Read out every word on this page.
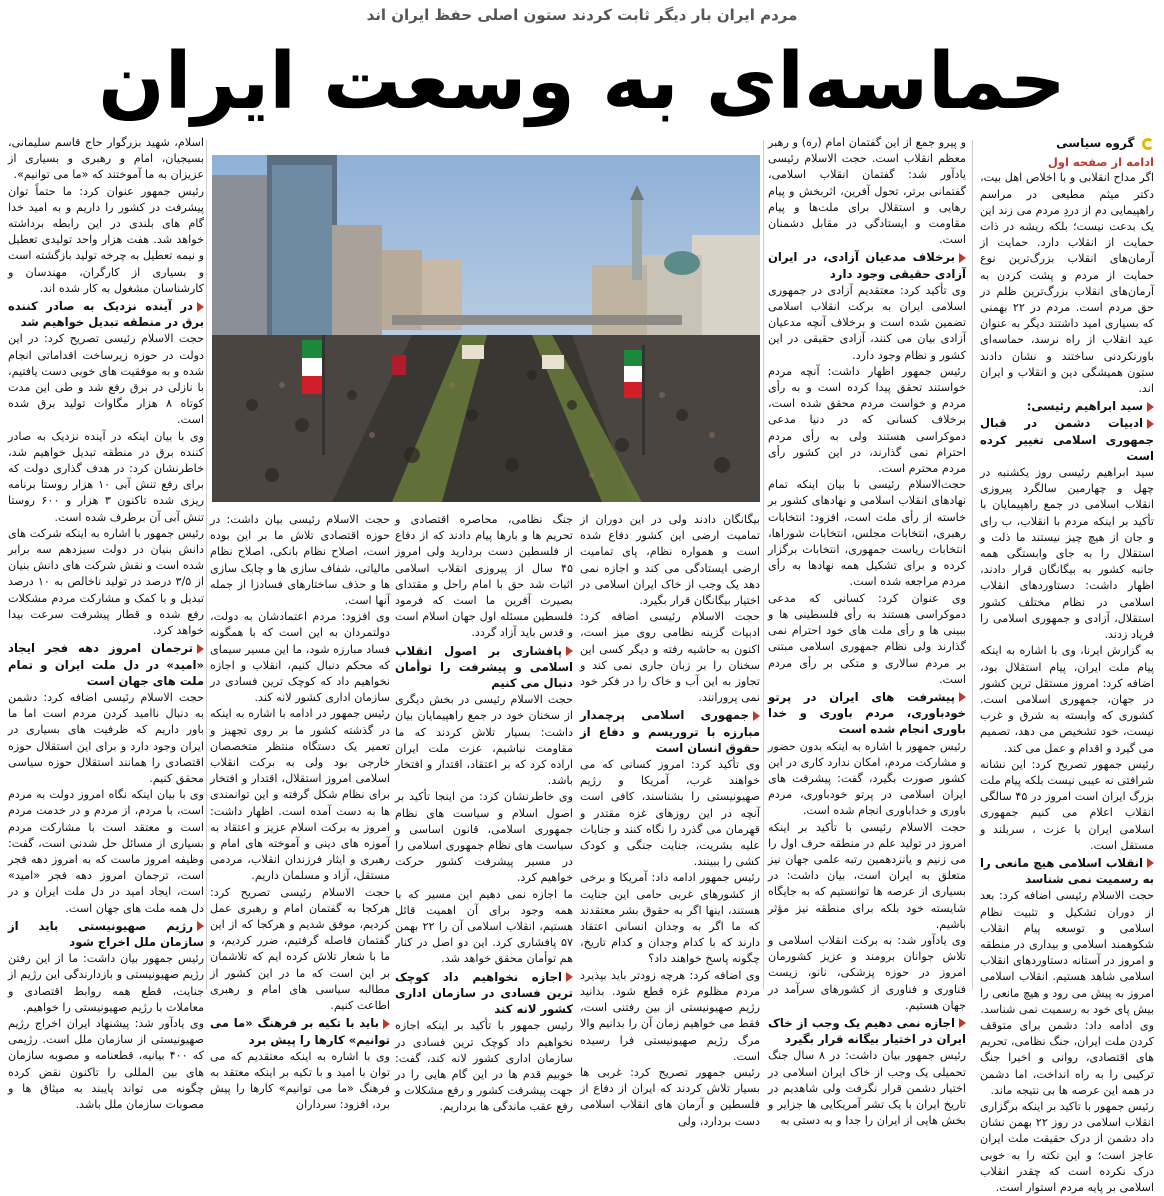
مردم ایران بار دیگر ثابت کردند ستون اصلی حفظ ایران اند
حماسه‌ای به وسعت ایران
گروه سیاسی
ادامه از صفحه اول

اگر مداح انقلابی و با اخلاص اهل بیت، دکتر میثم مطیعی در مراسم راهپیمایی دم از دردِ مردم می زند این یک بدعت نیست؛ بلکه ریشه در ذات حمایت از انقلاب دارد. حمایت از آرمان‌های انقلاب بزرگ‌ترین نوع حمایت از مردم و پشت کردن به آرمان‌های انقلاب بزرگ‌ترین ظلم در حق مردم است. مردم در ۲۲ بهمنی که بسیاری امید داشتند دیگر به عنوان عید انقلاب از راه نرسد، حماسه‌ای باورنکردنی ساختند و نشان دادند ستون همیشگی دین و انقلاب و ایران اند.

سید ابراهیم رئیسی:

ادبیات دشمن در قبال جمهوری اسلامی تغییر کرده است

سید ابراهیم رئیسی روز یکشنبه در چهل و چهارمین سالگرد پیروزی انقلاب اسلامی در جمع راهپیمایان با تأکید بر اینکه مردم با انقلاب، ب رای و جان از هیچ چیز نیستند ما ذلت و استقلال را به جای وابستگی همه جانبه کشور به بیگانگان قرار دادند، اظهار داشت: دستاوردهای انقلاب اسلامی در نظام مختلف کشور استقلال، آزادی و جمهوری اسلامی را فریاد زدند.

به گزارش ایرنا، وی با اشاره به اینکه پیام ملت ایران، پیام استقلال بود، اضافه کرد: امروز مستقل ترین کشور در جهان، جمهوری اسلامی است. کشوری که وابسته به شرق و غرب نیست، خود تشخیص می دهد، تصمیم می گیرد و اقدام و عمل می کند.

رئیس جمهور تصریح کرد: این نشانه شرافتی نه عیبی نیست بلکه پیام ملت بزرگ ایران است امروز در ۴۵ سالگی انقلاب اعلام می کنیم جمهوری اسلامی ایران با عزت ، سربلند و مستقل است.

انقلاب اسلامی هیچ مانعی را به رسمیت نمی شناسد

حجت الاسلام رئیسی اضافه کرد: بعد از دوران تشکیل و تثبیت نظام اسلامی و توسعه پیام انقلاب شکوهمند اسلامی و بیداری در منطقه و امروز در آستانه دستاوردهای انقلاب اسلامی شاهد هستیم. انقلاب اسلامی امروز به پیش می رود و هیچ مانعی را بیش پای خود به رسمیت نمی شناسد.

وی ادامه داد: دشمن برای متوقف کردن ملت ایران، جنگ نظامی، تحریم های اقتصادی، روانی و اخیرا جنگ ترکیبی را به راه انداخت، اما دشمن در همه این عرصه ها بی نتیجه ماند.

رئیس جمهور با تاکید بر اینکه برگزاری انقلاب اسلامی در روز ۲۲ بهمن نشان داد دشمن از درک حقیقت ملت ایران عاجز است؛ و این نکته را به خوبی درک نکرده است که چقدر انقلاب اسلامی بر پایه مردم استوار است.

و پیرو جمع از این گفتمان امام (ره) و رهبر معظم انقلاب است. حجت الاسلام رئیسی یادآور شد: گفتمان انقلاب اسلامی، گفتمانی برتر، تحول آفرین، اثربخش و پیام رهایی و استقلال برای ملت‌ها و پیام مقاومت و ایستادگی در مقابل دشمنان است.

برخلاف مدعیان آزادی، در ایران آزادی حقیقی وجود دارد

وی تأکید کرد: معتقدیم آزادی در جمهوری اسلامی ایران به برکت انقلاب اسلامی تضمین شده است و برخلاف آنچه مدعیان آزادی بیان می کنند، آزادی حقیقی در این کشور و نظام وجود دارد.

رئیس جمهور اظهار داشت: آنچه مردم خواستند تحقق پیدا کرده است و به رأی مردم و خواست مردم محقق شده است، برخلاف کسانی که در دنیا مدعی دموکراسی هستند ولی به رأی مردم احترام نمی گذارند، در این کشور رأی مردم محترم است.

حجت‌الاسلام رئیسی با بیان اینکه تمام نهادهای انقلاب اسلامی و نهادهای کشور بر خاسته از رأی ملت است، افزود: انتخابات رهبری، انتخابات مجلس، انتخابات شوراها، انتخابات ریاست جمهوری، انتخابات برگزار کرده و برای تشکیل همه نهادها به رأی مردم مراجعه شده است.

وی عنوان کرد: کسانی که مدعی دموکراسی هستند به رأی فلسطینی ها و ببینی ها و رأی ملت های خود احترام نمی گذارند ولی نظام جمهوری اسلامی مبتنی بر مردم سالاری و متکی بر رأی مردم است.

پیشرفت های ایران در پرتو خودباوری، مردم باوری و خدا باوری انجام شده است

رئیس جمهور با اشاره به اینکه بدون حضور و مشارکت مردم، امکان ندارد کاری در این کشور صورت بگیرد، گفت: پیشرفت های ایران اسلامی در پرتو خودباوری، مردم باوری و خداباوری انجام شده است.

حجت الاسلام رئیسی با تأکید بر اینکه امروز در تولید علم در منطقه حرف اول را می زنیم و یانزدهمین رتبه علمی جهان نیز متعلق به ایران است، بیان داشت: در بسیاری از عرصه ها توانستیم که به جایگاه شایسته خود بلکه برای منطقه نیز مؤثر باشیم.

وی یادآور شد: به برکت انقلاب اسلامی و تلاش جوانان برومند و عزیز کشورمان امروز در حوزه پزشکی، نانو، زیست فناوری و فناوری از کشورهای سرآمد در جهان هستیم.

اجازه نمی دهیم یک وجب از خاک ایران در اختیار بیگانه قرار بگیرد

رئیس جمهور بیان داشت: در ۸ سال جنگ تحمیلی یک وجب از خاک ایران اسلامی در اختیار دشمن قرار نگرفت ولی شاهدیم در تاریخ ایران با یک تشر آمریکایی ها جزایر و بخش هایی از ایران را جدا و به دستی به

اسلام، شهید بزرگوار حاج قاسم سلیمانی، بسیجیان، امام و رهبری و بسیاری از عزیزان به ما آموختند که «ما می توانیم».

رئیس جمهور عنوان کرد: ما حتماً توان پیشرفت در کشور را داریم و به امید خدا گام های بلندی در این رابطه برداشته خواهد شد. هفت هزار واحد تولیدی تعطیل و نیمه تعطیل به چرخه تولید بازگشته است و بسیاری از کارگران، مهندسان و کارشناسان مشغول به کار شده اند.

در آینده نزدیک به صادر کننده برق در منطقه تبدیل خواهیم شد

حجت الاسلام رئیسی تصریح کرد: در این دولت در حوزه زیرساخت اقداماتی انجام شده و به موفقیت های خوبی دست یافتیم، با نازلی در برق رفع شد و طی این مدت کوتاه ۸ هزار مگاوات تولید برق شده است.

وی با بیان اینکه در آینده نزدیک به صادر کننده برق در منطقه تبدیل خواهیم شد، خاطرنشان کرد: در هدف گذاری دولت که برای رفع تنش آبی ۱۰ هزار روستا برنامه ریزی شده تاکنون ۳ هزار و ۶۰۰ روستا تنش آبی آن برطرف شده است.

رئیس جمهور با اشاره به اینکه شرکت های دانش بنیان در دولت سیزدهم سه برابر شده است و نقش شرکت های دانش بنیان از ۳/۵ درصد در تولید ناخالص به ۱۰ درصد تبدیل و با کمک و مشارکت مردم مشکلات رفع شده و قطار پیشرفت سرعت بیدا خواهد کرد.

ترجمان امروز دهه فجر ایجاد «امید» در دل ملت ایران و تمام ملت های جهان است

حجت الاسلام رئیسی اضافه کرد: دشمن به دنبال ناامید کردن مردم است اما ما باور داریم که ظرفیت های بسیاری در ایران وجود دارد و برای این استقلال حوزه اقتصادی را همانند استقلال حوزه سیاسی محقق کنیم.

وی با بیان اینکه نگاه امروز دولت به مردم است، با مردم، از مردم و در خدمت مردم است و معتقد است با مشارکت مردم بسیاری از مسائل حل شدنی است، گفت: وظیفه امروز ماست که به امروز دهه فجر است، ترجمان امروز دهه فجر «امید» است، ایجاد امید در دل ملت ایران و در دل همه ملت های جهان است.

رژیم صهیونیستی باید از سازمان ملل اخراج شود

رئیس جمهور بیان داشت: ما از این رفتن رژیم صهیونیستی و بازدارندگی این رژیم از جنایت، قطع همه روابط اقتصادی و معاملات با رژیم صهیونیستی را خواهیم.

وی یادآور شد: پیشنهاد ایران اخراج رژیم صهیونیستی از سازمان ملل است. رژیمی که ۴۰۰ بیانیه، قطعنامه و مصوبه سازمان های بین المللی را تاکنون نقض کرده چگونه می تواند پایبند به میثاق ها و مصوبات سازمان ملل باشد.

بیگانگان دادند ولی در این دوران از تمامیت ارضی این کشور دفاع شده است و همواره نظام، پای تمامیت ارضی ایستادگی می کند و اجازه نمی دهد یک وجب از خاک ایران اسلامی در اختیار بیگانگان قرار بگیرد.

حجت الاسلام رئیسی اضافه کرد: ادبیات گزینه نظامی روی میز است، اکنون به حاشیه رفته و دیگر کسی این سخنان را بر زبان جاری نمی کند و تجاوز به این آب و خاک را در فکر خود نمی پرورانند.

جمهوری اسلامی پرچمدار مبارزه با تروریسم و دفاع از حقوق انسان است

وی تأکید کرد: امروز کسانی که می خواهند غرب، آمریکا و رژیم صهیونیستی را بشناسند، کافی است آنچه در این روزهای غزه مقتدر و قهرمان می گذرد را نگاه کنند و جنایات علیه بشریت، جنایت جنگی و کودک کشی را ببینند.

رئیس جمهور ادامه داد: آمریکا و برخی از کشورهای غربی حامی این جنایت هستند، اینها اگر به حقوق بشر معتقدند که ما اگر به وجدان انسانی اعتقاد دارند که با کدام وجدان و کدام تاریخ، چگونه پاسخ خواهند داد؟

وی اضافه کرد: هرچه زودتر باید بپذیرد مردم مظلوم غزه قطع شود. بدانید رژیم صهیونیستی از بین رفتنی است، فقط می خواهیم زمان آن را بدانیم والا مرگ رژیم صهیونیستی فرا رسیده است.

رئیس جمهور تصریح کرد: غربی ها بسیار تلاش کردند که ایران از دفاع از فلسطین و آرمان های انقلاب اسلامی دست بردارد، ولی

جنگ نظامی، محاصره اقتصادی و تحریم ها و بارها پیام دادند که از دفاع از فلسطین دست بردارید ولی امروز ۴۵ سال از پیروزی انقلاب اسلامی اثبات شد حق با امام راحل و مقتدای بصیرت آفرین ما است که فرمود فلسطین مسئله اول جهان اسلام است و قدس باید آزاد گردد.

پافشاری بر اصول انقلاب اسلامی و پیشرفت را توأمان دنبال می کنیم

حجت الاسلام رئیسی در بخش دیگری از سخنان خود در جمع راهپیمایان بیان داشت: بسیار تلاش کردند که ما مقاومت نباشیم، عزت ملت ایران اراده کرد که بر اعتقاد، اقتدار و افتخار باشد.

وی خاطرنشان کرد: من اینجا تأکید بر اصول اسلام و سیاست های نظام جمهوری اسلامی، قانون اساسی و سیاست های نظام جمهوری اسلامی را در مسیر پیشرفت کشور حرکت خواهیم کرد.

ما اجازه نمی دهیم این مسیر که با همه وجود برای آن اهمیت قائل هستیم، انقلاب اسلامی آن را ۲۲ بهمن ۵۷ پافشاری کرد. این دو اصل در کنار هم توأمان محقق خواهد شد.

اجازه نخواهیم داد کوچک ترین فسادی در سازمان اداری کشور لانه کند

رئیس جمهور با تأکید بر اینکه اجازه نخواهیم داد کوچک ترین فسادی در سازمان اداری کشور لانه کند، گفت: خوبیم قدم ها در این گام هایی را در جهت پیشرفت کشور و رفع مشکلات و رفع عقب ماندگی ها برداریم.

حجت الاسلام رئیسی بیان داشت: در حوزه اقتصادی تلاش ما بر این بوده است، اصلاح نظام بانکی، اصلاح نظام مالیاتی، شفاف سازی ها و چابک سازی ها و حذف ساختارهای فسادزا از جمله آنها است.

وی افزود: مردم اعتمادشان به دولت، دولتمردان به این است که با همگونه فساد مبارزه شود، ما این مسیر سیمای که محکم دنبال کنیم، انقلاب و اجازه نخواهیم داد که کوچک ترین فسادی در سازمان اداری کشور لانه کند.

رئیس جمهور در ادامه با اشاره به اینکه در گذشته کشور ما بر روی تجهیز و تعمیر یک دستگاه منتظر متخصصان خارجی بود ولی به برکت انقلاب اسلامی امروز استقلال، اقتدار و افتخار برای نظام شکل گرفته و این توانمندی ها به دست آمده است. اظهار داشت: امروز به برکت اسلام عزیز و اعتقاد به آموزه های دینی و آموخته های امام و رهبری و ایثار فرزندان انقلاب، مردمی مستقل، آزاد و مسلمان داریم.

حجت الاسلام رئیسی تصریح کرد: هرکجا به گفتمان امام و رهبری عمل کردیم، موفق شدیم و هرکجا که از این گفتمان فاصله گرفتیم، ضرر کردیم، و ما با شعار تلاش کرده ایم که تلاشمان بر این است که ما در این کشور از مطالبه سیاسی های امام و رهبری اطاعت کنیم.

باید با تکیه بر فرهنگ «ما می توانیم» کارها را پیش برد

وی با اشاره به اینکه معتقدیم که می توان با امید و با تکیه بر اینکه معتقد به فرهنگ «ما می توانیم» کارها را پیش برد، افزود: سرداران
